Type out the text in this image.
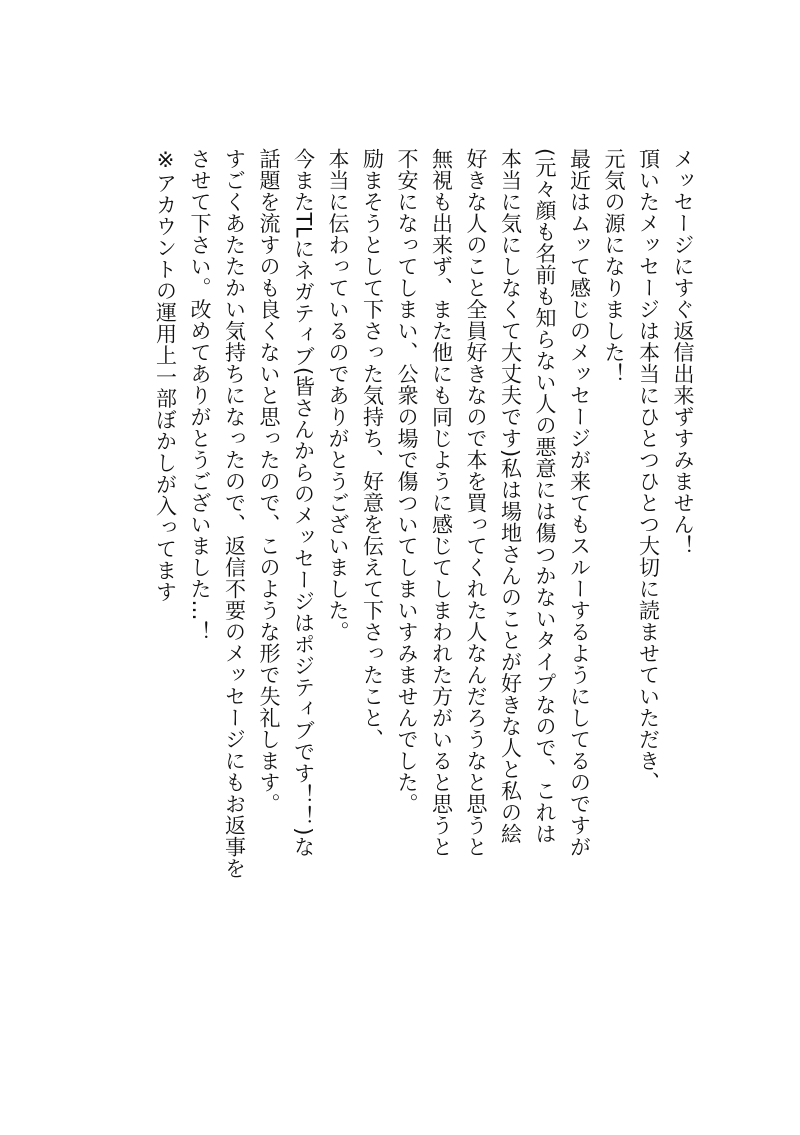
メッセージにすぐ返信出来ずすみません！
頂いたメッセージは本当にひとつひとつ大切に読ませていただき、
元気の源になりました！
最近はムッて感じのメッセージが来てもスルーするようにしてるのですが
(元々顔も名前も知らない人の悪意には傷つかないタイプなので、これは
本当に気にしなくて大丈夫です)私は場地さんのことが好きな人と私の絵
好きな人のこと全員好きなので本を買ってくれた人なんだろうなと思うと
無視も出来ず、また他にも同じように感じてしまわれた方がいると思うと
不安になってしまい、公衆の場で傷ついてしまいすみませんでした。
励まそうとして下さった気持ち、好意を伝えて下さったこと、
本当に伝わっているのでありがとうございました。
今またTLにネガティブ(皆さんからのメッセージはポジティブです！！)な
話題を流すのも良くないと思ったので、このような形で失礼します。
すごくあたたかい気持ちになったので、返信不要のメッセージにもお返事を
させて下さい。改めてありがとうございました…！
※アカウントの運用上一部ぼかしが入ってます
